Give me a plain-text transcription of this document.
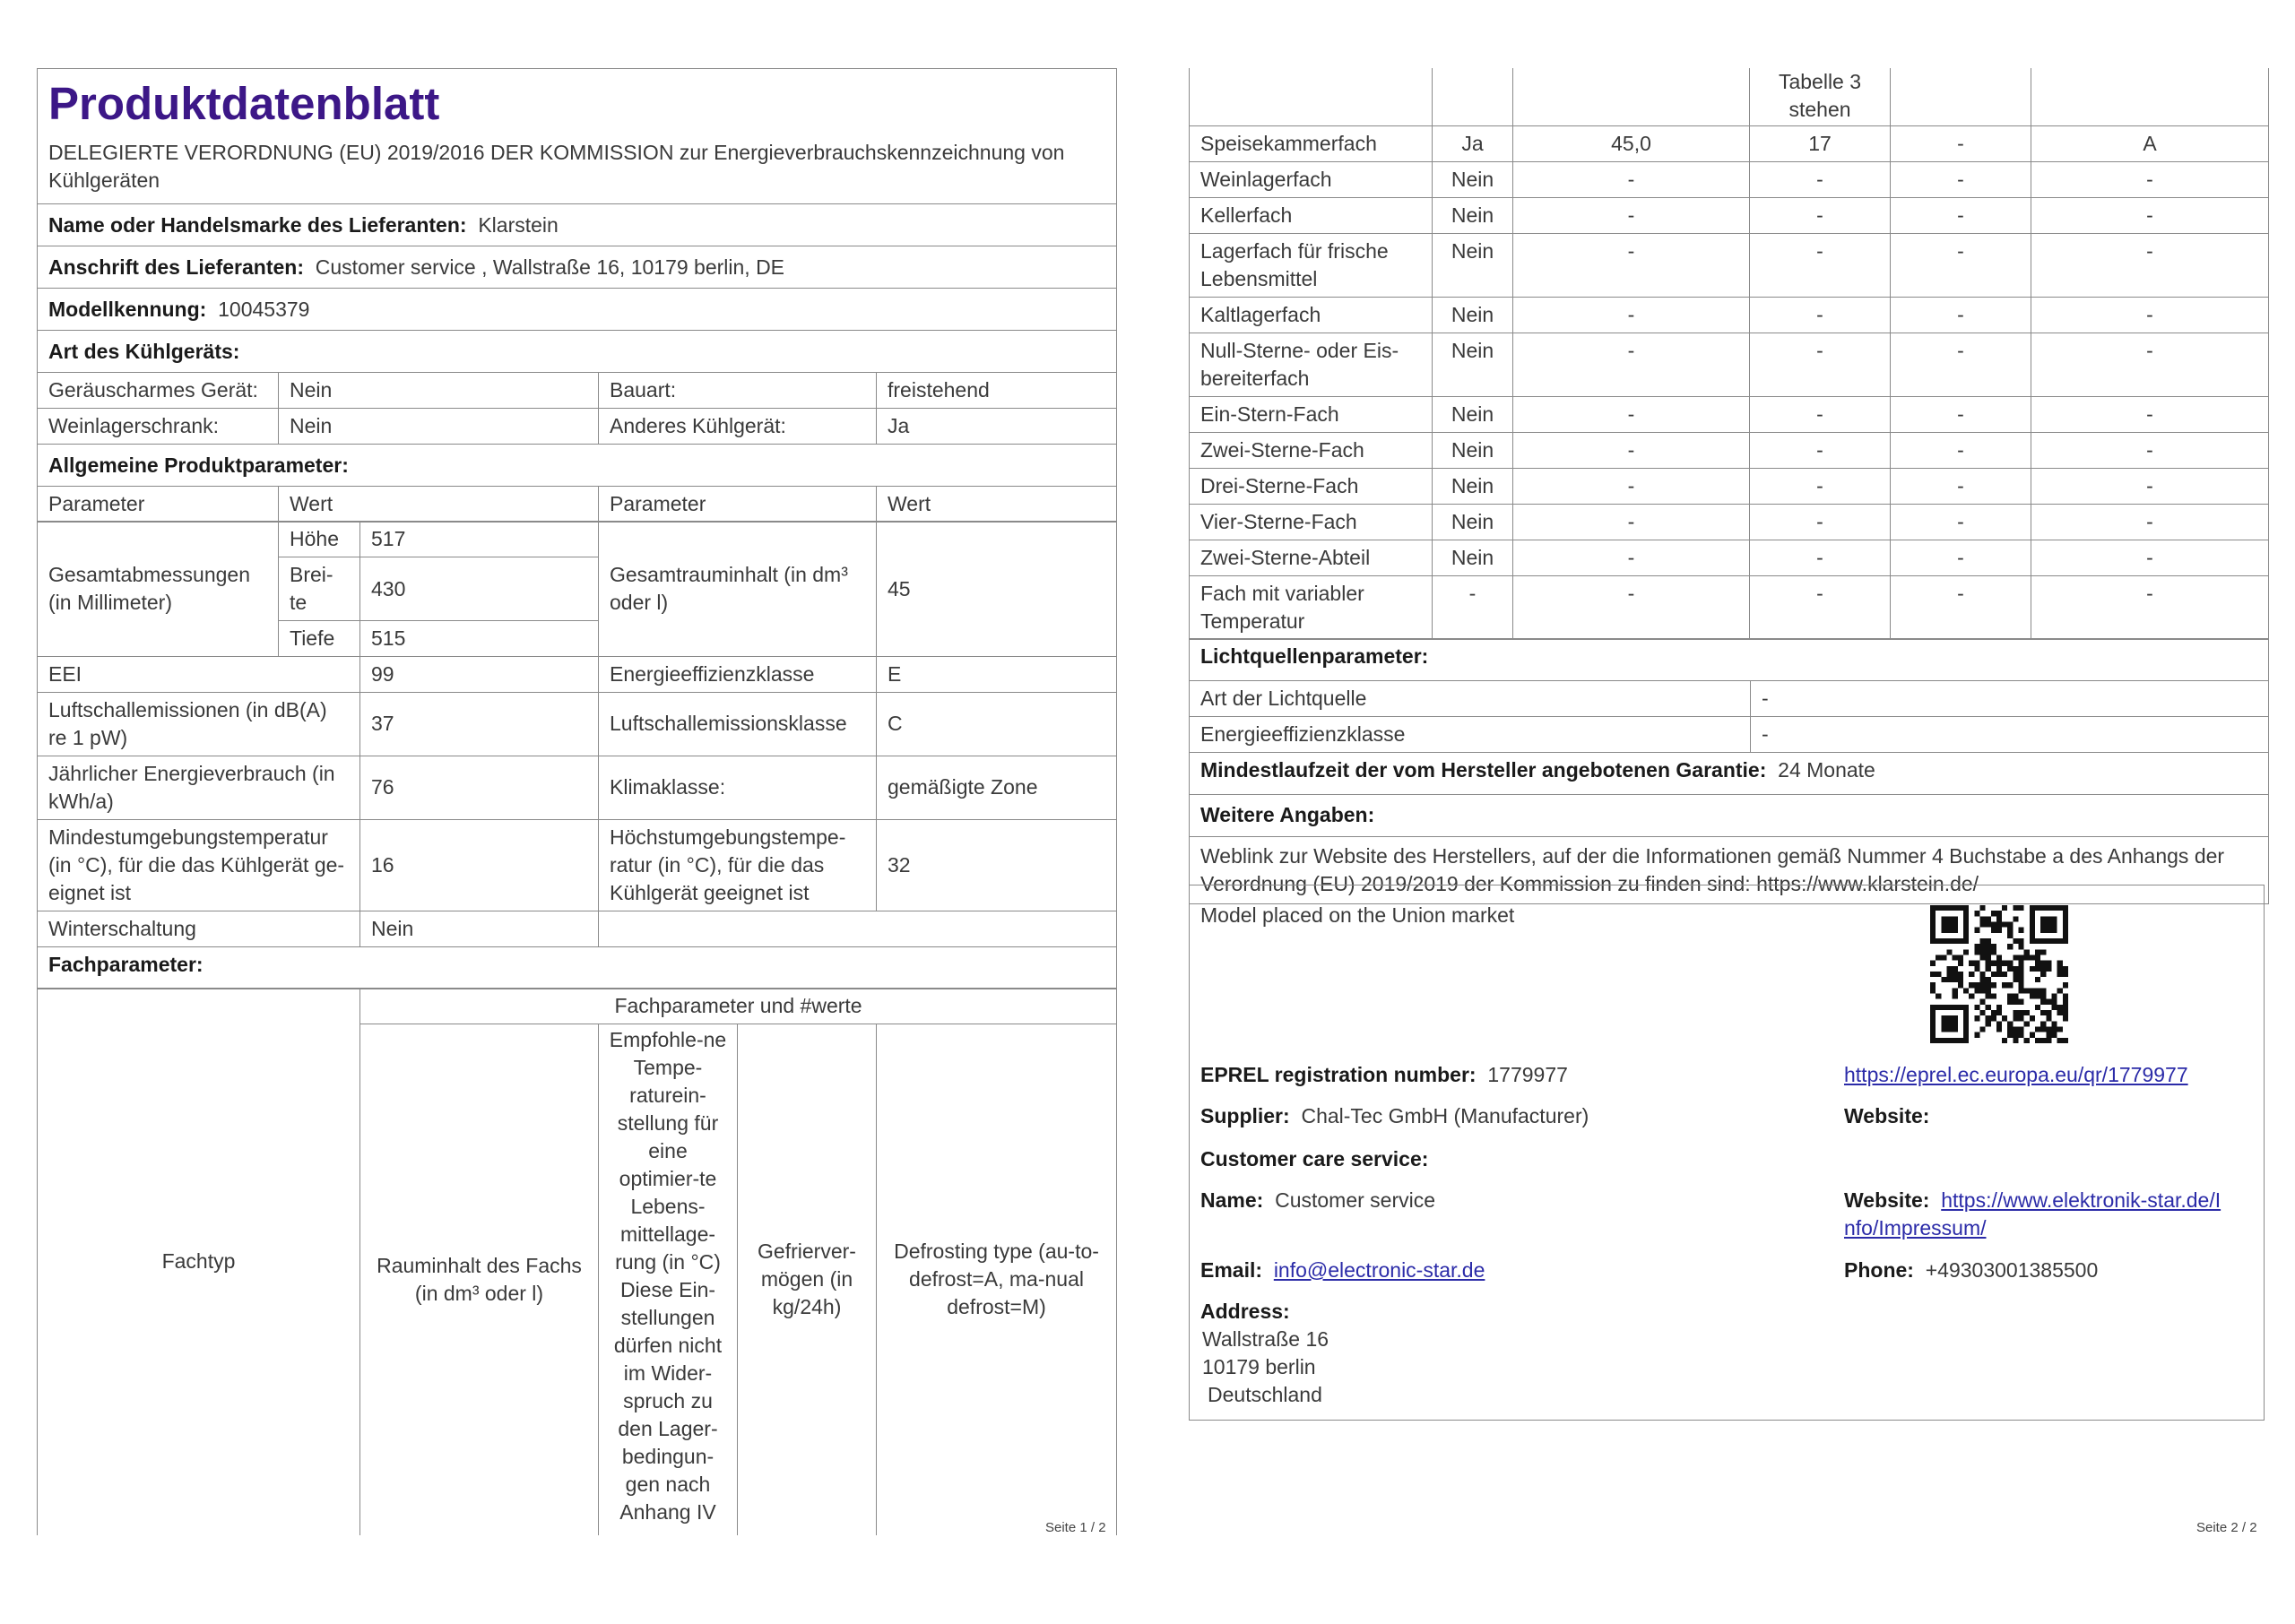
Produktdatenblatt
DELEGIERTE VERORDNUNG (EU) 2019/2016 DER KOMMISSION zur Energieverbrauchskennzeichnung von Kühlgeräten			

Name oder Handelsmarke des Lieferanten: Klarstein			
Anschrift des Lieferanten: Customer service , Wallstraße 16, 10179 berlin, DE			
Modellkennung: 10045379			
Art des Kühlgeräts:			
Geräuscharmes Gerät:	Nein	Bauart:	freistehend
Weinlagerschrank:	Nein	Anderes Kühlgerät:	Ja
Allgemeine Produktparameter:			
Parameter	Wert	Parameter	Wert
Gesamtabmessungen (in Millimeter)	Höhe	517	Gesamtrauminhalt (in dm³ oder l)	45
	Brei-te	430		
	Tiefe	515		
EEI	99	Energieeffizienzklasse	E
Luftschallemissionen (in dB(A) re 1 pW)	37	Luftschallemissionsklasse	C
Jährlicher Energieverbrauch (in kWh/a)	76	Klimaklasse:	gemäßigte Zone
Mindestumgebungstemperatur (in °C), für die das Kühlgerät ge-eignet ist	16	Höchstumgebungstempe-ratur (in °C), für die das Kühlgerät geeignet ist	32
Winterschaltung	Nein		
Fachparameter:			
Fachtyp	Fachparameter und #werte			
	Rauminhalt des Fachs (in dm³ oder l)	Empfohle-ne Tempe-raturein-stellung für eine optimier-te Lebens-mittellage-rung (in °C) Diese Ein-stellungen dürfen nicht im Wider-spruch zu den Lager-bedingun-gen nach Anhang IV	Gefrierver-mögen (in kg/24h)	Defrosting type (au-to-defrost=A, ma-nual defrost=M)
Seite 1 / 2
			Tabelle 3 stehen		
Speisekammerfach	Ja	45,0	17	-	A
Weinlagerfach	Nein	-	-	-	-
Kellerfach	Nein	-	-	-	-
Lagerfach für frische Lebensmittel	Nein	-	-	-	-
Kaltlagerfach	Nein	-	-	-	-
Null-Sterne- oder Eis-bereiterfach	Nein	-	-	-	-
Ein-Stern-Fach	Nein	-	-	-	-
Zwei-Sterne-Fach	Nein	-	-	-	-
Drei-Sterne-Fach	Nein	-	-	-	-
Vier-Sterne-Fach	Nein	-	-	-	-
Zwei-Sterne-Abteil	Nein	-	-	-	-
Fach mit variabler Temperatur	-	-	-	-	-
Lichtquellenparameter:	
Art der Lichtquelle	-
Energieeffizienzklasse	-
Mindestlaufzeit der vom Hersteller angebotenen Garantie: 24 Monate	
Weitere Angaben:	
Weblink zur Website des Herstellers, auf der die Informationen gemäß Nummer 4 Buchstabe a des Anhangs der Verordnung (EU) 2019/2019 der Kommission zu finden sind: https://www.klarstein.de/	
Model placed on the Union market
EPREL registration number: 1779977	https://eprel.ec.europa.eu/qr/1779977
Supplier: Chal-Tec GmbH (Manufacturer)	Website:
Customer care service:
Name: Customer service	Website: https://www.elektronik-star.de/I
nfo/Impressum/
Email: info@electronic-star.de	Phone: +49303001385500
Address:
Wallstraße 16
10179 berlin
Deutschland
Seite 2 / 2
